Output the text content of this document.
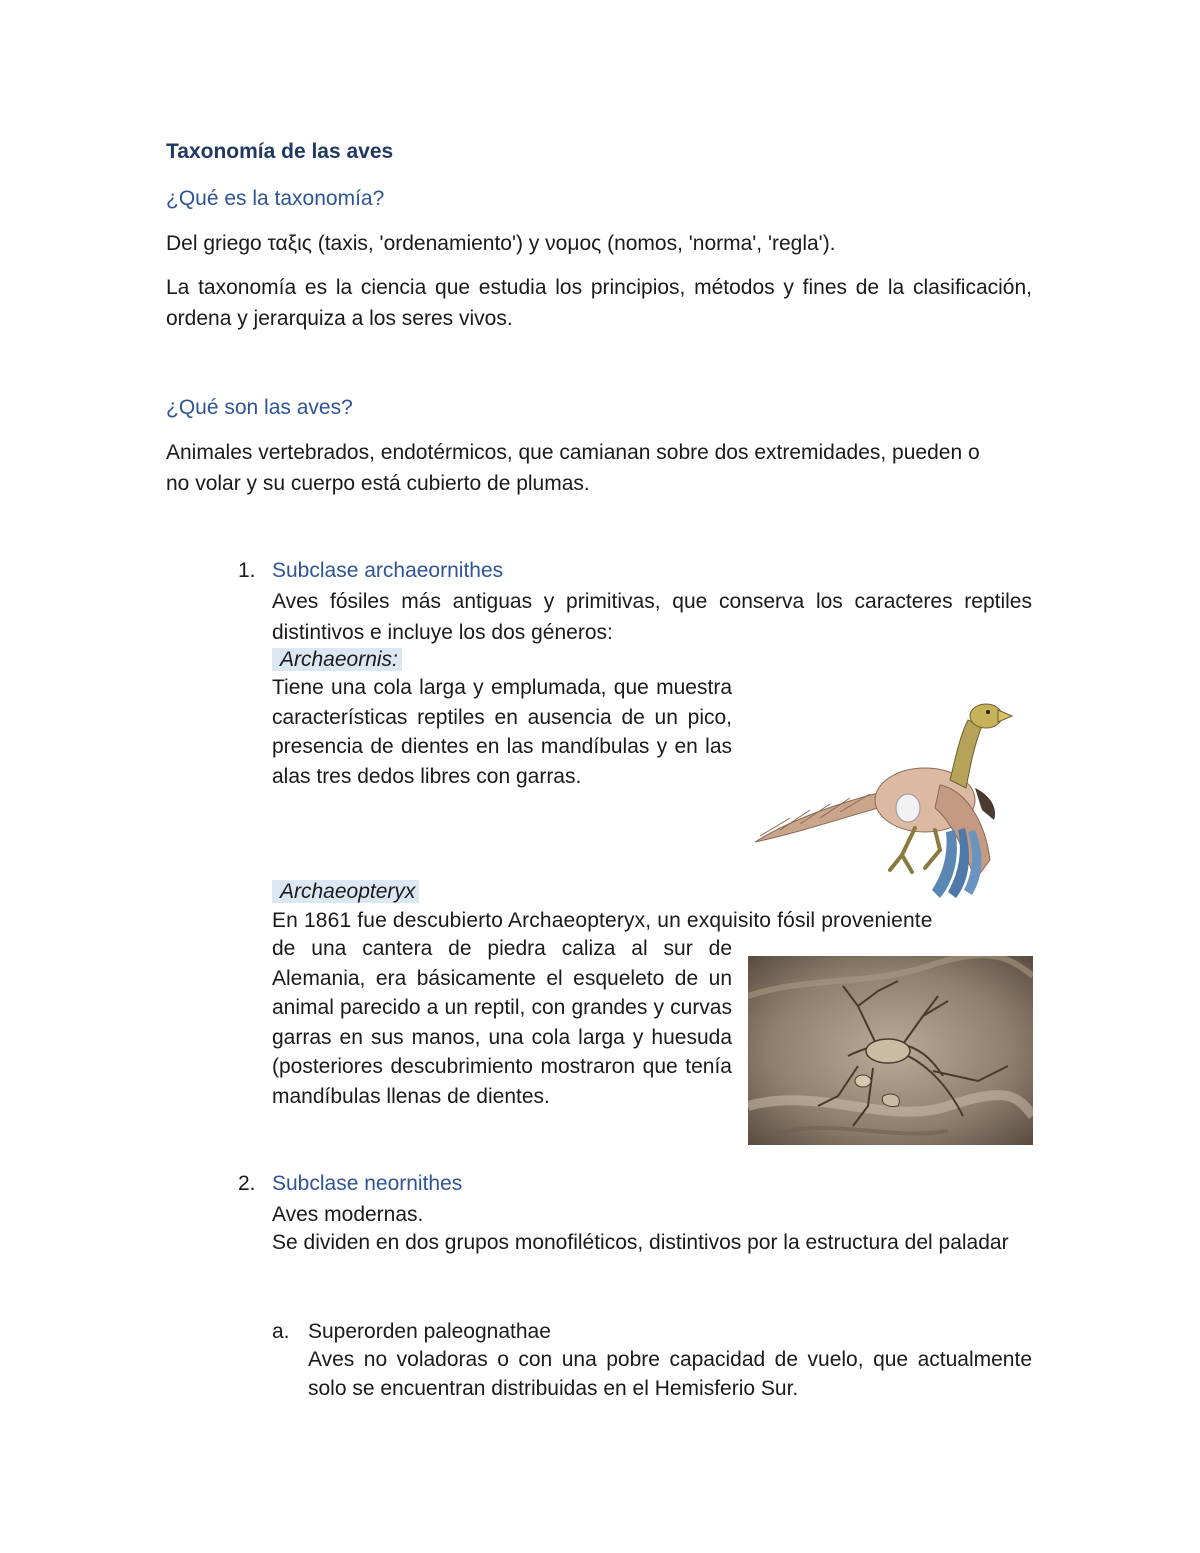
Taxonomía de las aves
¿Qué es la taxonomía?
Del griego ταξις (taxis, 'ordenamiento') y νομος (nomos, 'norma', 'regla').
La taxonomía es la ciencia que estudia los principios, métodos y fines de la clasificación, ordena y jerarquiza a los seres vivos.
¿Qué son las aves?
Animales vertebrados, endotérmicos, que camianan sobre dos extremidades, pueden o no volar y su cuerpo está cubierto de plumas.
1. Subclase archaeornithes
Aves fósiles más antiguas y primitivas, que conserva los caracteres reptiles distintivos e incluye los dos géneros:
Archaeornis:
Tiene una cola larga y emplumada, que muestra características reptiles en ausencia de un pico, presencia de dientes en las mandíbulas y en las alas tres dedos libres con garras.
Archaeopteryx
En 1861 fue descubierto Archaeopteryx, un exquisito fósil proveniente
de una cantera de piedra caliza al sur de Alemania, era básicamente el esqueleto de un animal parecido a un reptil, con grandes y curvas garras en sus manos, una cola larga y huesuda (posteriores descubrimiento mostraron que tenía mandíbulas llenas de dientes.
2. Subclase neornithes
Aves modernas.
Se dividen en dos grupos monofiléticos, distintivos por la estructura del paladar
a. Superorden paleognathae
Aves no voladoras o con una pobre capacidad de vuelo, que actualmente solo se encuentran distribuidas en el Hemisferio Sur.
